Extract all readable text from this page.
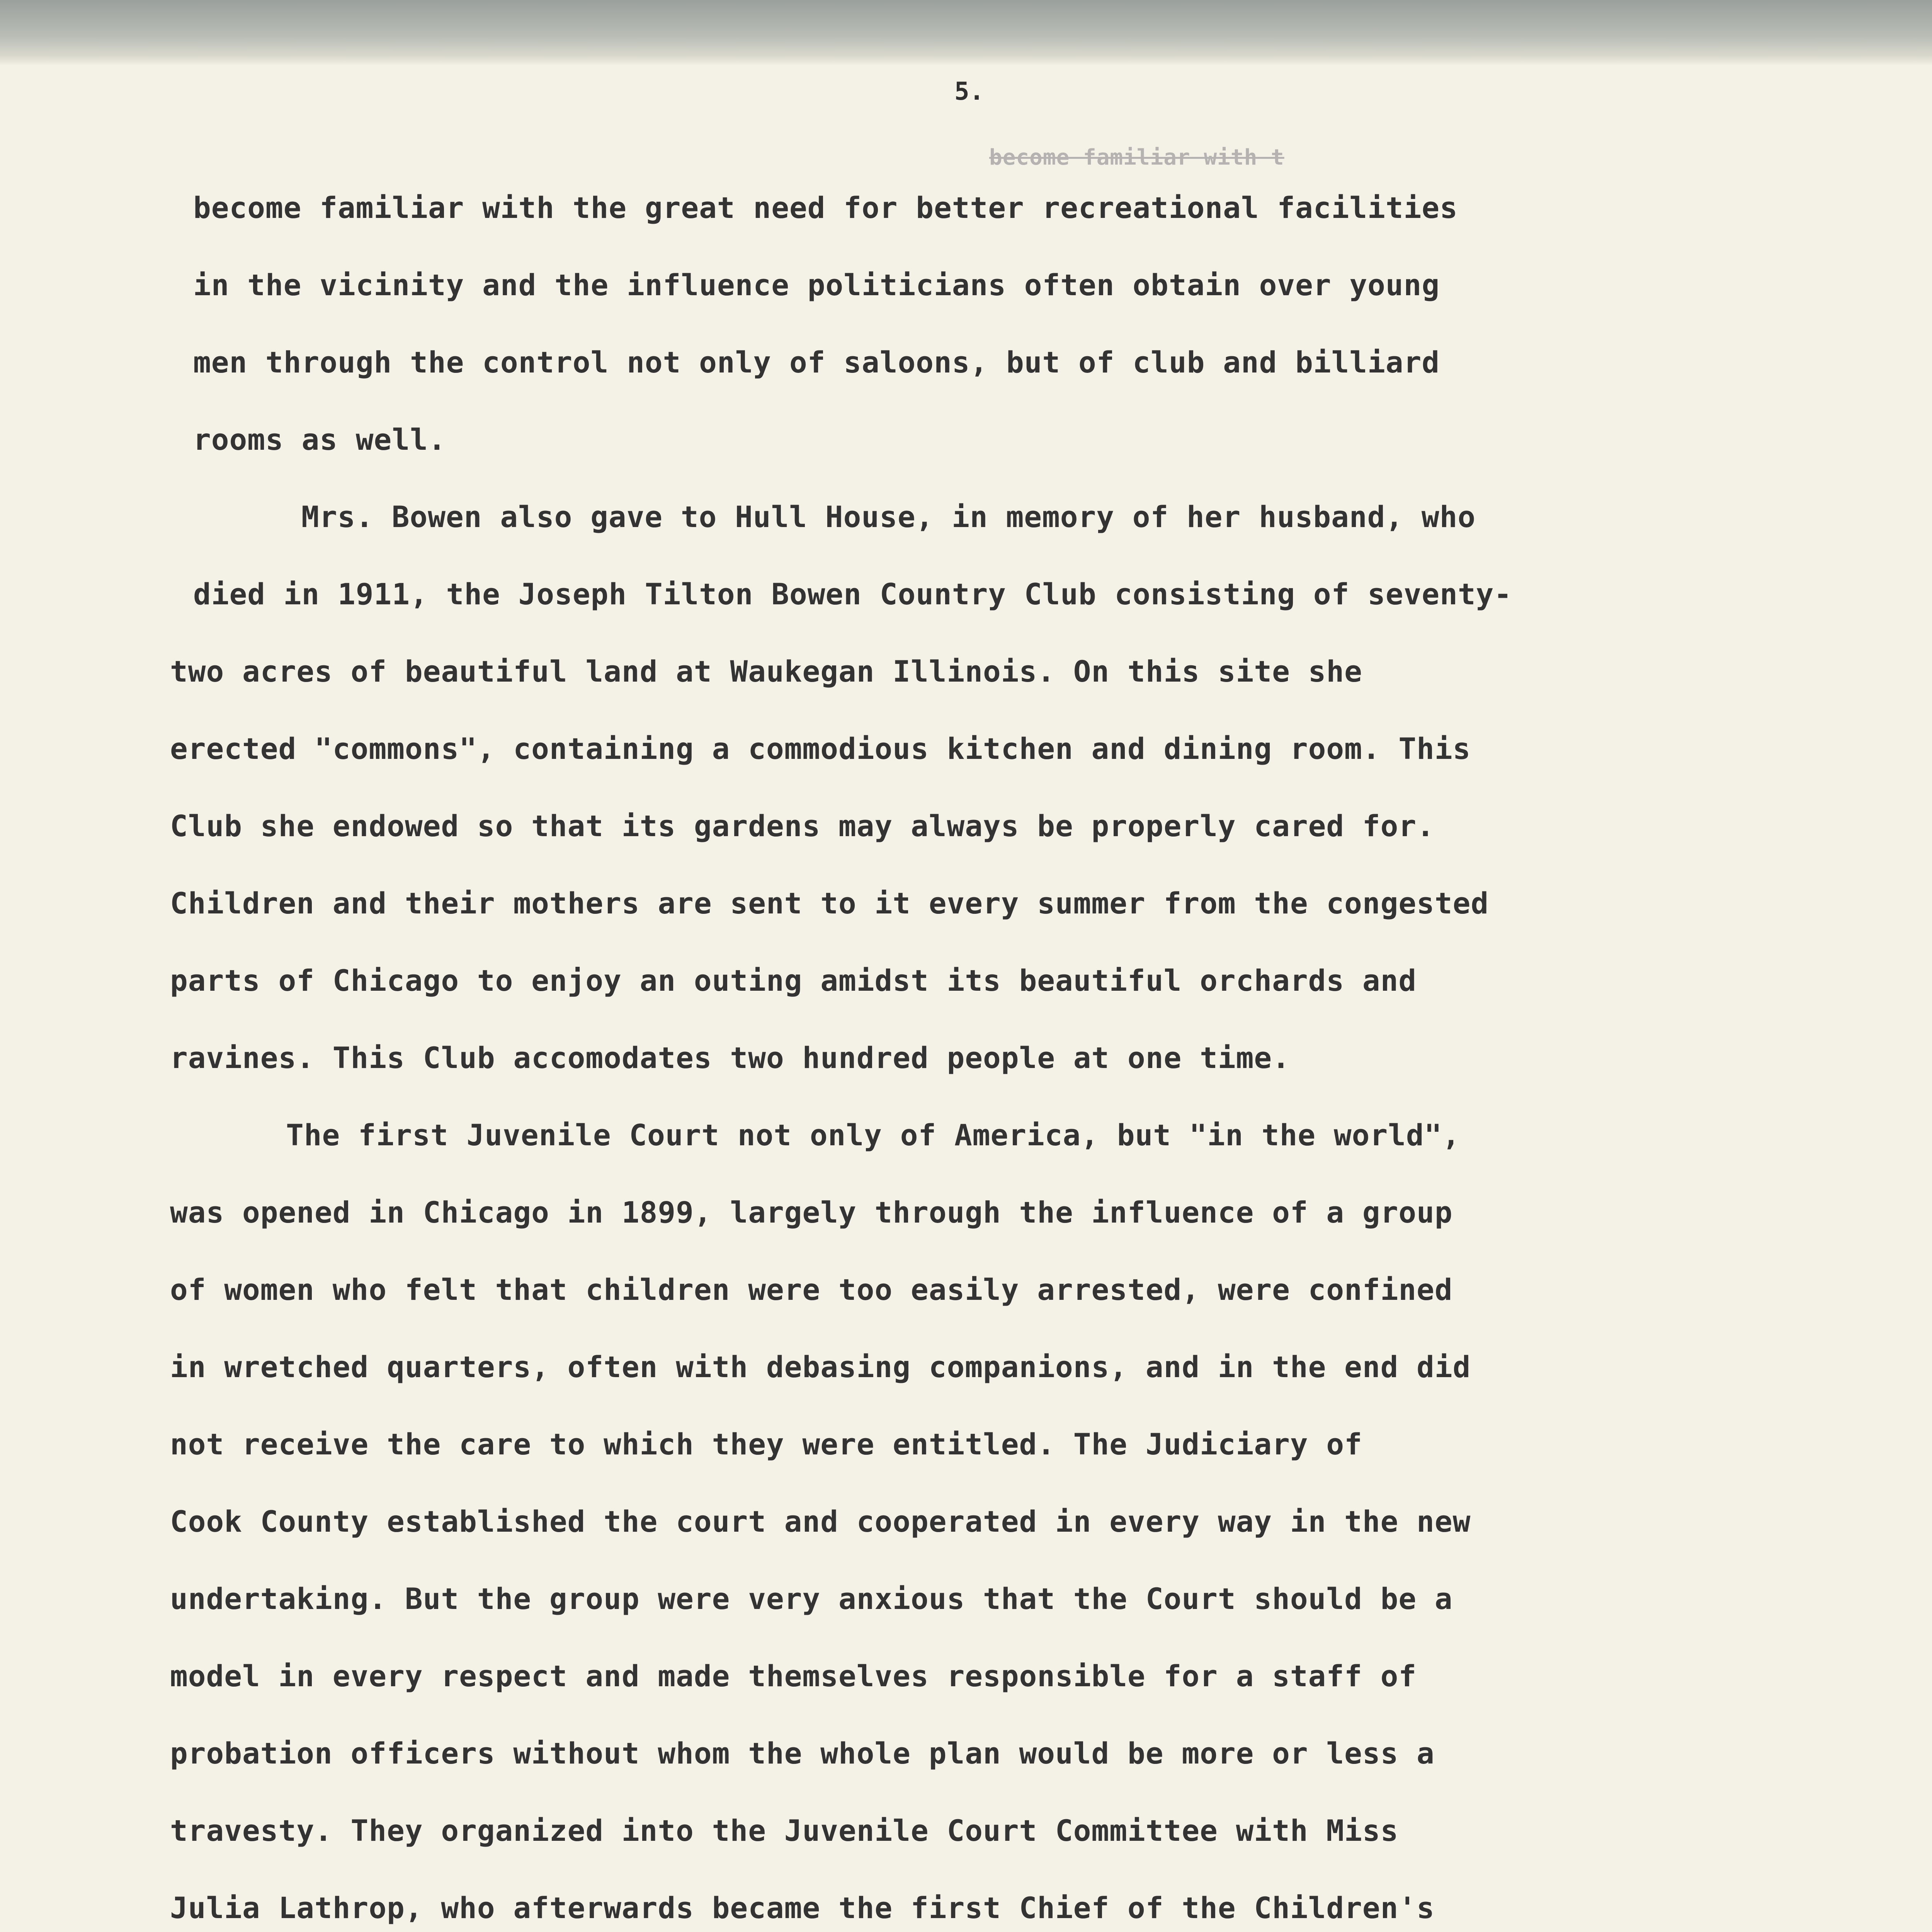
5.
become familiar with t
become familiar with the great need for better recreational facilities
in the vicinity and the influence politicians often obtain over young
men through the control not only of saloons, but of club and billiard
rooms as well.
Mrs. Bowen also gave to Hull House, in memory of her husband, who
died in 1911, the Joseph Tilton Bowen Country Club consisting of seventy-
two acres of beautiful land at Waukegan Illinois. On this site she
erected "commons", containing a commodious kitchen and dining room. This
Club she endowed so that its gardens may always be properly cared for.
Children and their mothers are sent to it every summer from the congested
parts of Chicago to enjoy an outing amidst its beautiful orchards and
ravines. This Club accomodates two hundred people at one time.
The first Juvenile Court not only of America, but "in the world",
was opened in Chicago in 1899, largely through the influence of a group
of women who felt that children were too easily arrested, were confined
in wretched quarters, often with debasing companions, and in the end did
not receive the care to which they were entitled. The Judiciary of
Cook County established the court and cooperated in every way in the new
undertaking. But the group were very anxious that the Court should be a
model in every respect and made themselves responsible for a staff of
probation officers without whom the whole plan would be more or less a
travesty. They organized into the Juvenile Court Committee with Miss
Julia Lathrop, who afterwards became the first Chief of the Children's
